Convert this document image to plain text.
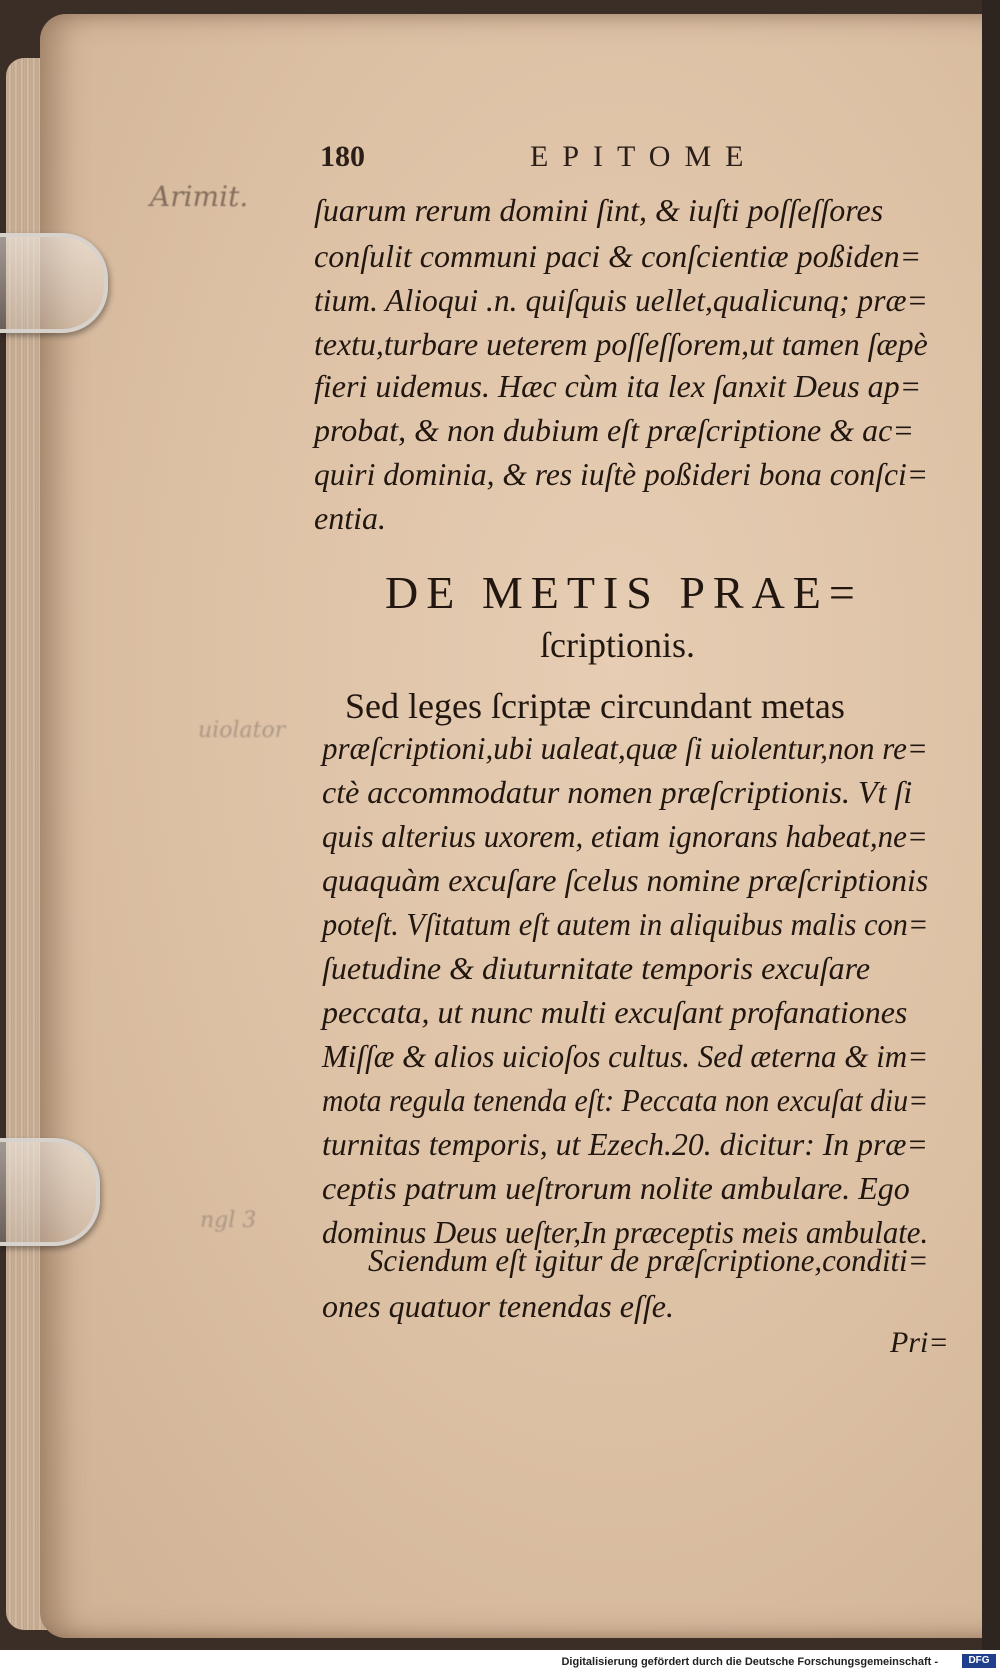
Arimit.
uiolator
ngl 3
180	EPITOME
ſuarum rerum domini ſint, & iuſti poſſeſſores
conſulit communi paci & conſcientiæ poßiden=
tium. Alioqui .n. quiſquis uellet,qualicunq; præ=
textu,turbare ueterem poſſeſſorem,ut tamen ſæpè
fieri uidemus. Hæc cùm ita lex ſanxit Deus ap=
probat, & non dubium eſt præſcriptione & ac=
quiri dominia, & res iuſtè poßideri bona conſci=
entia.
DE METIS PRAE=
ſcriptionis.
Sed leges ſcriptæ circundant metas
præſcriptioni,ubi ualeat,quæ ſi uiolentur,non re=
ctè accommodatur nomen præſcriptionis. Vt ſi
quis alterius uxorem, etiam ignorans habeat,ne=
quaquàm excuſare ſcelus nomine præſcriptionis
poteſt. Vſitatum eſt autem in aliquibus malis con=
ſuetudine & diuturnitate temporis excuſare
peccata, ut nunc multi excuſant profanationes
Miſſæ & alios uicioſos cultus. Sed æterna & im=
mota regula tenenda eſt: Peccata non excuſat diu=
turnitas temporis, ut Ezech.20. dicitur: In præ=
ceptis patrum ueſtrorum nolite ambulare. Ego
dominus Deus ueſter,In præceptis meis ambulate.
Sciendum eſt igitur de præſcriptione,conditi=
ones quatuor tenendas eſſe.
Pri=
Digitalisierung gefördert durch die Deutsche Forschungsgemeinschaft -	DFG
